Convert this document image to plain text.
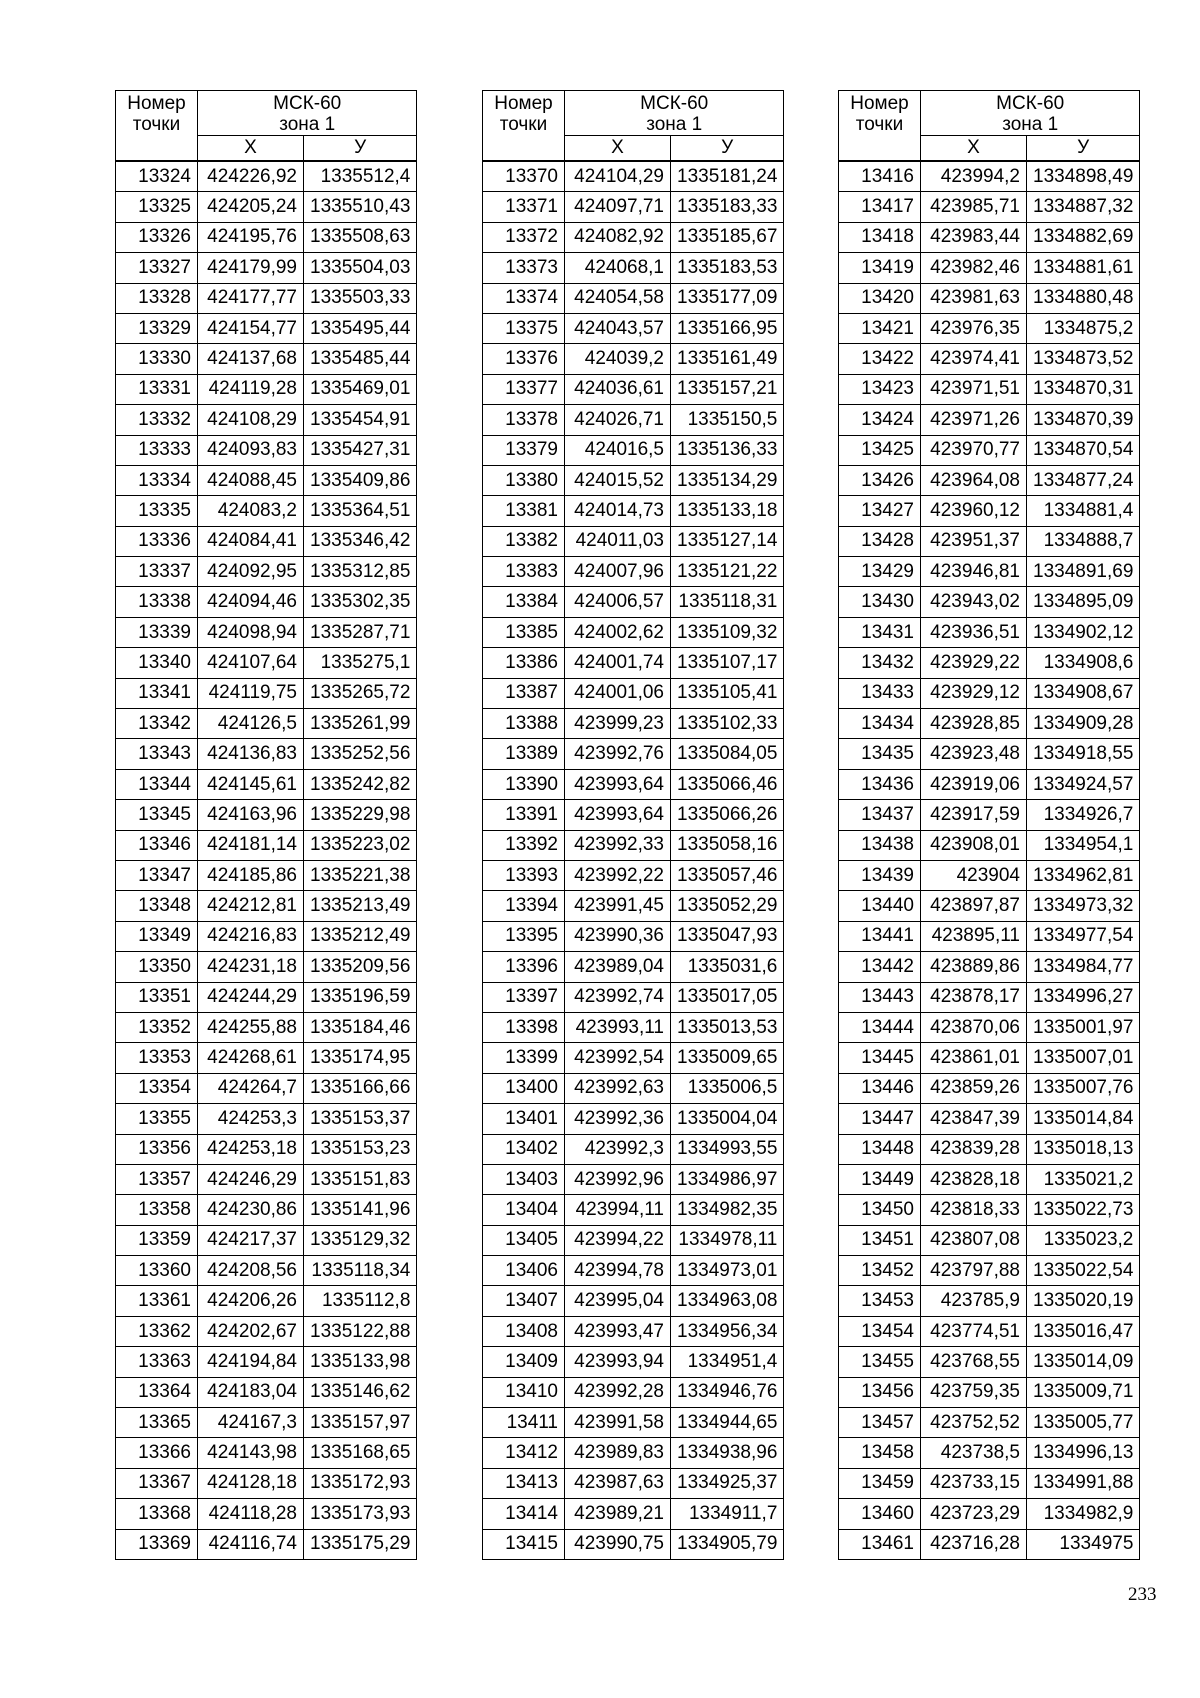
Номер
точки	МСК-60
зона 1	

	Х	У
13324	424226,92	1335512,4
13325	424205,24	1335510,43
13326	424195,76	1335508,63
13327	424179,99	1335504,03
13328	424177,77	1335503,33
13329	424154,77	1335495,44
13330	424137,68	1335485,44
13331	424119,28	1335469,01
13332	424108,29	1335454,91
13333	424093,83	1335427,31
13334	424088,45	1335409,86
13335	424083,2	1335364,51
13336	424084,41	1335346,42
13337	424092,95	1335312,85
13338	424094,46	1335302,35
13339	424098,94	1335287,71
13340	424107,64	1335275,1
13341	424119,75	1335265,72
13342	424126,5	1335261,99
13343	424136,83	1335252,56
13344	424145,61	1335242,82
13345	424163,96	1335229,98
13346	424181,14	1335223,02
13347	424185,86	1335221,38
13348	424212,81	1335213,49
13349	424216,83	1335212,49
13350	424231,18	1335209,56
13351	424244,29	1335196,59
13352	424255,88	1335184,46
13353	424268,61	1335174,95
13354	424264,7	1335166,66
13355	424253,3	1335153,37
13356	424253,18	1335153,23
13357	424246,29	1335151,83
13358	424230,86	1335141,96
13359	424217,37	1335129,32
13360	424208,56	1335118,34
13361	424206,26	1335112,8
13362	424202,67	1335122,88
13363	424194,84	1335133,98
13364	424183,04	1335146,62
13365	424167,3	1335157,97
13366	424143,98	1335168,65
13367	424128,18	1335172,93
13368	424118,28	1335173,93
13369	424116,74	1335175,29
Номер
точки	МСК-60
зона 1	

	Х	У
13370	424104,29	1335181,24
13371	424097,71	1335183,33
13372	424082,92	1335185,67
13373	424068,1	1335183,53
13374	424054,58	1335177,09
13375	424043,57	1335166,95
13376	424039,2	1335161,49
13377	424036,61	1335157,21
13378	424026,71	1335150,5
13379	424016,5	1335136,33
13380	424015,52	1335134,29
13381	424014,73	1335133,18
13382	424011,03	1335127,14
13383	424007,96	1335121,22
13384	424006,57	1335118,31
13385	424002,62	1335109,32
13386	424001,74	1335107,17
13387	424001,06	1335105,41
13388	423999,23	1335102,33
13389	423992,76	1335084,05
13390	423993,64	1335066,46
13391	423993,64	1335066,26
13392	423992,33	1335058,16
13393	423992,22	1335057,46
13394	423991,45	1335052,29
13395	423990,36	1335047,93
13396	423989,04	1335031,6
13397	423992,74	1335017,05
13398	423993,11	1335013,53
13399	423992,54	1335009,65
13400	423992,63	1335006,5
13401	423992,36	1335004,04
13402	423992,3	1334993,55
13403	423992,96	1334986,97
13404	423994,11	1334982,35
13405	423994,22	1334978,11
13406	423994,78	1334973,01
13407	423995,04	1334963,08
13408	423993,47	1334956,34
13409	423993,94	1334951,4
13410	423992,28	1334946,76
13411	423991,58	1334944,65
13412	423989,83	1334938,96
13413	423987,63	1334925,37
13414	423989,21	1334911,7
13415	423990,75	1334905,79
Номер
точки	МСК-60
зона 1	

	Х	У
13416	423994,2	1334898,49
13417	423985,71	1334887,32
13418	423983,44	1334882,69
13419	423982,46	1334881,61
13420	423981,63	1334880,48
13421	423976,35	1334875,2
13422	423974,41	1334873,52
13423	423971,51	1334870,31
13424	423971,26	1334870,39
13425	423970,77	1334870,54
13426	423964,08	1334877,24
13427	423960,12	1334881,4
13428	423951,37	1334888,7
13429	423946,81	1334891,69
13430	423943,02	1334895,09
13431	423936,51	1334902,12
13432	423929,22	1334908,6
13433	423929,12	1334908,67
13434	423928,85	1334909,28
13435	423923,48	1334918,55
13436	423919,06	1334924,57
13437	423917,59	1334926,7
13438	423908,01	1334954,1
13439	423904	1334962,81
13440	423897,87	1334973,32
13441	423895,11	1334977,54
13442	423889,86	1334984,77
13443	423878,17	1334996,27
13444	423870,06	1335001,97
13445	423861,01	1335007,01
13446	423859,26	1335007,76
13447	423847,39	1335014,84
13448	423839,28	1335018,13
13449	423828,18	1335021,2
13450	423818,33	1335022,73
13451	423807,08	1335023,2
13452	423797,88	1335022,54
13453	423785,9	1335020,19
13454	423774,51	1335016,47
13455	423768,55	1335014,09
13456	423759,35	1335009,71
13457	423752,52	1335005,77
13458	423738,5	1334996,13
13459	423733,15	1334991,88
13460	423723,29	1334982,9
13461	423716,28	1334975
233
